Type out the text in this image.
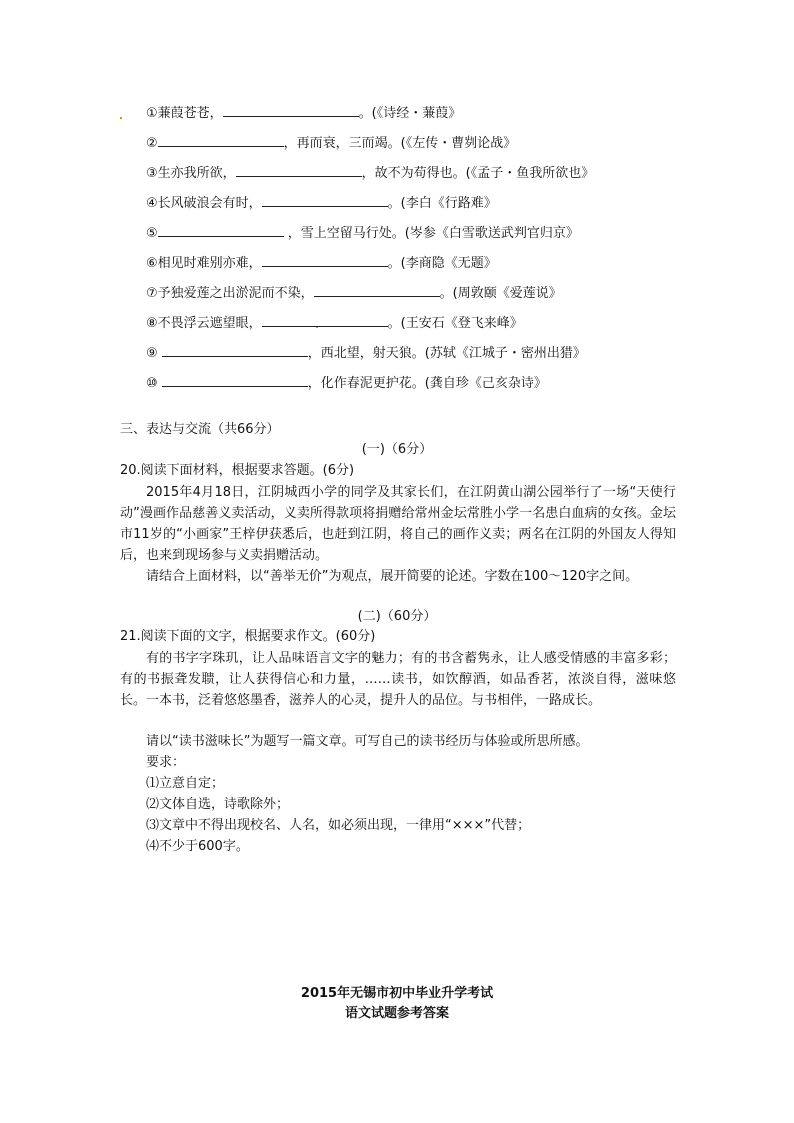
①蒹葭苍苍，	。(《诗经・蒹葭》
②	，再而衰，三而竭。(《左传・曹刿论战》
③生亦我所欲，	，故不为苟得也。(《孟子・鱼我所欲也》
④长风破浪会有时，	。(李白《行路难》
⑤	，雪上空留马行处。(岑参《白雪歌送武判官归京》
⑥相见时难别亦难，	。(李商隐《无题》
⑦予独爱莲之出淤泥而不染，	。(周敦颐《爱莲说》
⑧不畏浮云遮望眼，	。(王安石《登飞来峰》
⑨	，西北望，射天狼。(苏轼《江城子・密州出猎》
⑩	，化作春泥更护花。(龚自珍《己亥杂诗》
三、表达与交流（共66分）
(一)（6分）
20.阅读下面材料，根据要求答题。(6分)
2015年4月18日，江阴城西小学的同学及其家长们，在江阴黄山湖公园举行了一场“天使行动”漫画作品慈善义卖活动，义卖所得款项将捐赠给常州金坛常胜小学一名患白血病的女孩。金坛市11岁的“小画家”王梓伊获悉后，也赶到江阴，将自己的画作义卖；两名在江阴的外国友人得知后，也来到现场参与义卖捐赠活动。
请结合上面材料，以“善举无价”为观点，展开简要的论述。字数在100～120字之间。
(二)（60分）
21.阅读下面的文字，根据要求作文。(60分)
有的书字字珠玑，让人品味语言文字的魅力；有的书含蓄隽永，让人感受情感的丰富多彩；有的书振聋发聩，让人获得信心和力量，……读书，如饮醇酒，如品香茗，浓淡自得，滋味悠长。一本书，泛着悠悠墨香，滋养人的心灵，提升人的品位。与书相伴，一路成长。
请以“读书滋味长”为题写一篇文章。可写自己的读书经历与体验或所思所感。
要求：
⑴立意自定；
⑵文体自选，诗歌除外；
⑶文章中不得出现校名、人名，如必须出现，一律用“×××”代替；
⑷不少于600字。
2015年无锡市初中毕业升学考试
语文试题参考答案
